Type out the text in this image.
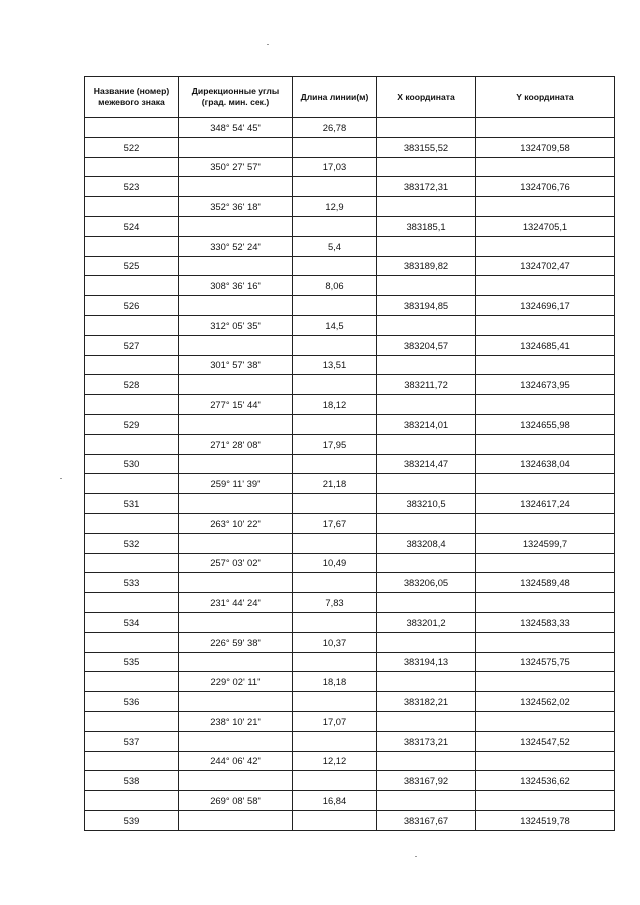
Название (номер) межевого знака	Дирекционные углы (град. мин. сек.)	Длина линии(м)	X координата	Y координата
	348° 54' 45"	26,78		
522			383155,52	1324709,58
	350° 27' 57"	17,03		
523			383172,31	1324706,76
	352° 36' 18"	12,9		
524			383185,1	1324705,1
	330° 52' 24"	5,4		
525			383189,82	1324702,47
	308° 36' 16"	8,06		
526			383194,85	1324696,17
	312° 05' 35"	14,5		
527			383204,57	1324685,41
	301° 57' 38"	13,51		
528			383211,72	1324673,95
	277° 15' 44"	18,12		
529			383214,01	1324655,98
	271° 28' 08"	17,95		
530			383214,47	1324638,04
	259° 11' 39"	21,18		
531			383210,5	1324617,24
	263° 10' 22"	17,67		
532			383208,4	1324599,7
	257° 03' 02"	10,49		
533			383206,05	1324589,48
	231° 44' 24"	7,83		
534			383201,2	1324583,33
	226° 59' 38"	10,37		
535			383194,13	1324575,75
	229° 02' 11"	18,18		
536			383182,21	1324562,02
	238° 10' 21"	17,07		
537			383173,21	1324547,52
	244° 06' 42"	12,12		
538			383167,92	1324536,62
	269° 08' 58"	16,84		
539			383167,67	1324519,78
